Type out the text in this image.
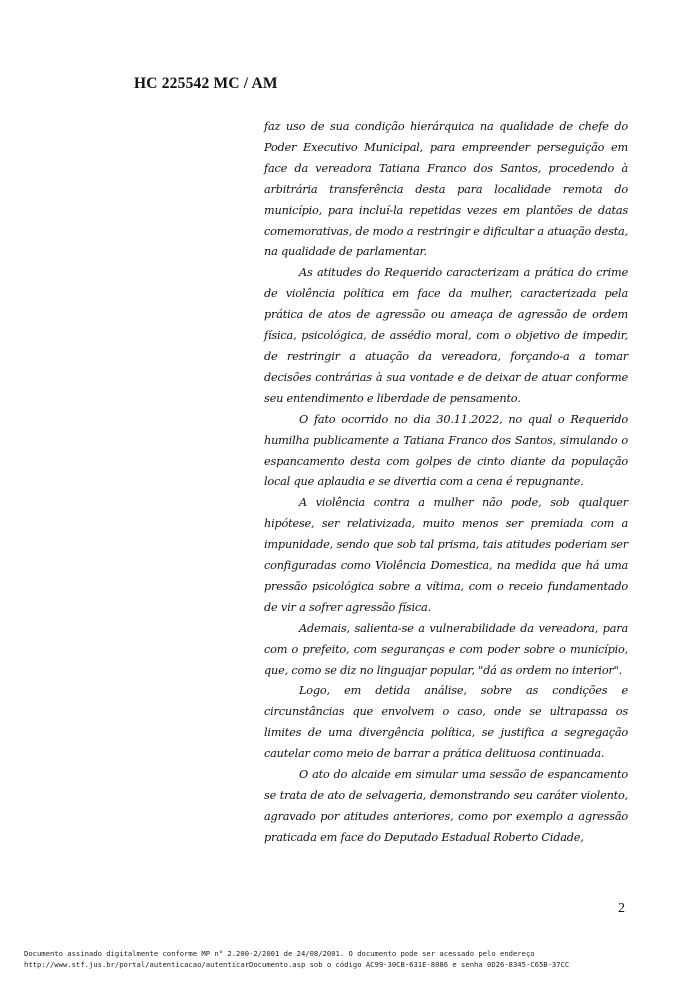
HC 225542 MC / AM

faz uso de sua condição hierárquica na qualidade de chefe do Poder Executivo Municipal, para empreender perseguição em face da vereadora Tatiana Franco dos Santos, procedendo à arbitrária transferência desta para localidade remota do município, para incluí-la repetidas vezes em plantões de datas comemorativas, de modo a restringir e dificultar a atuação desta, na qualidade de parlamentar.

As atitudes do Requerido caracterizam a prática do crime de violência política em face da mulher, caracterizada pela prática de atos de agressão ou ameaça de agressão de ordem física, psicológica, de assédio moral, com o objetivo de impedir, de restringir a atuação da vereadora, forçando-a a tomar decisões contrárias à sua vontade e de deixar de atuar conforme seu entendimento e liberdade de pensamento.

O fato ocorrido no dia 30.11.2022, no qual o Requerido humilha publicamente a Tatiana Franco dos Santos, simulando o espancamento desta com golpes de cinto diante da população local que aplaudia e se divertia com a cena é repugnante.

A violência contra a mulher não pode, sob qualquer hipótese, ser relativizada, muito menos ser premiada com a impunidade, sendo que sob tal prisma, tais atitudes poderiam ser configuradas como Violência Domestica, na medida que há uma pressão psicológica sobre a vítima, com o receio fundamentado de vir a sofrer agressão física.

Ademais, salienta-se a vulnerabilidade da vereadora, para com o prefeito, com seguranças e com poder sobre o município, que, como se diz no linguajar popular, "dá as ordem no interior".

Logo, em detida análise, sobre as condições e circunstâncias que envolvem o caso, onde se ultrapassa os limites de uma divergência política, se justifica a segregação cautelar como meio de barrar a prática delituosa continuada.

O ato do alcaide em simular uma sessão de espancamento se trata de ato de selvageria, demonstrando seu caráter violento, agravado por atitudes anteriores, como por exemplo a agressão praticada em face do Deputado Estadual Roberto Cidade,

2
Documento assinado digitalmente conforme MP n° 2.200-2/2001 de 24/08/2001. O documento pode ser acessado pelo endereço
http://www.stf.jus.br/portal/autenticacao/autenticarDocumento.asp sob o código AC99-30CB-631E-8086 e senha 0D26-8345-C65B-37CC
